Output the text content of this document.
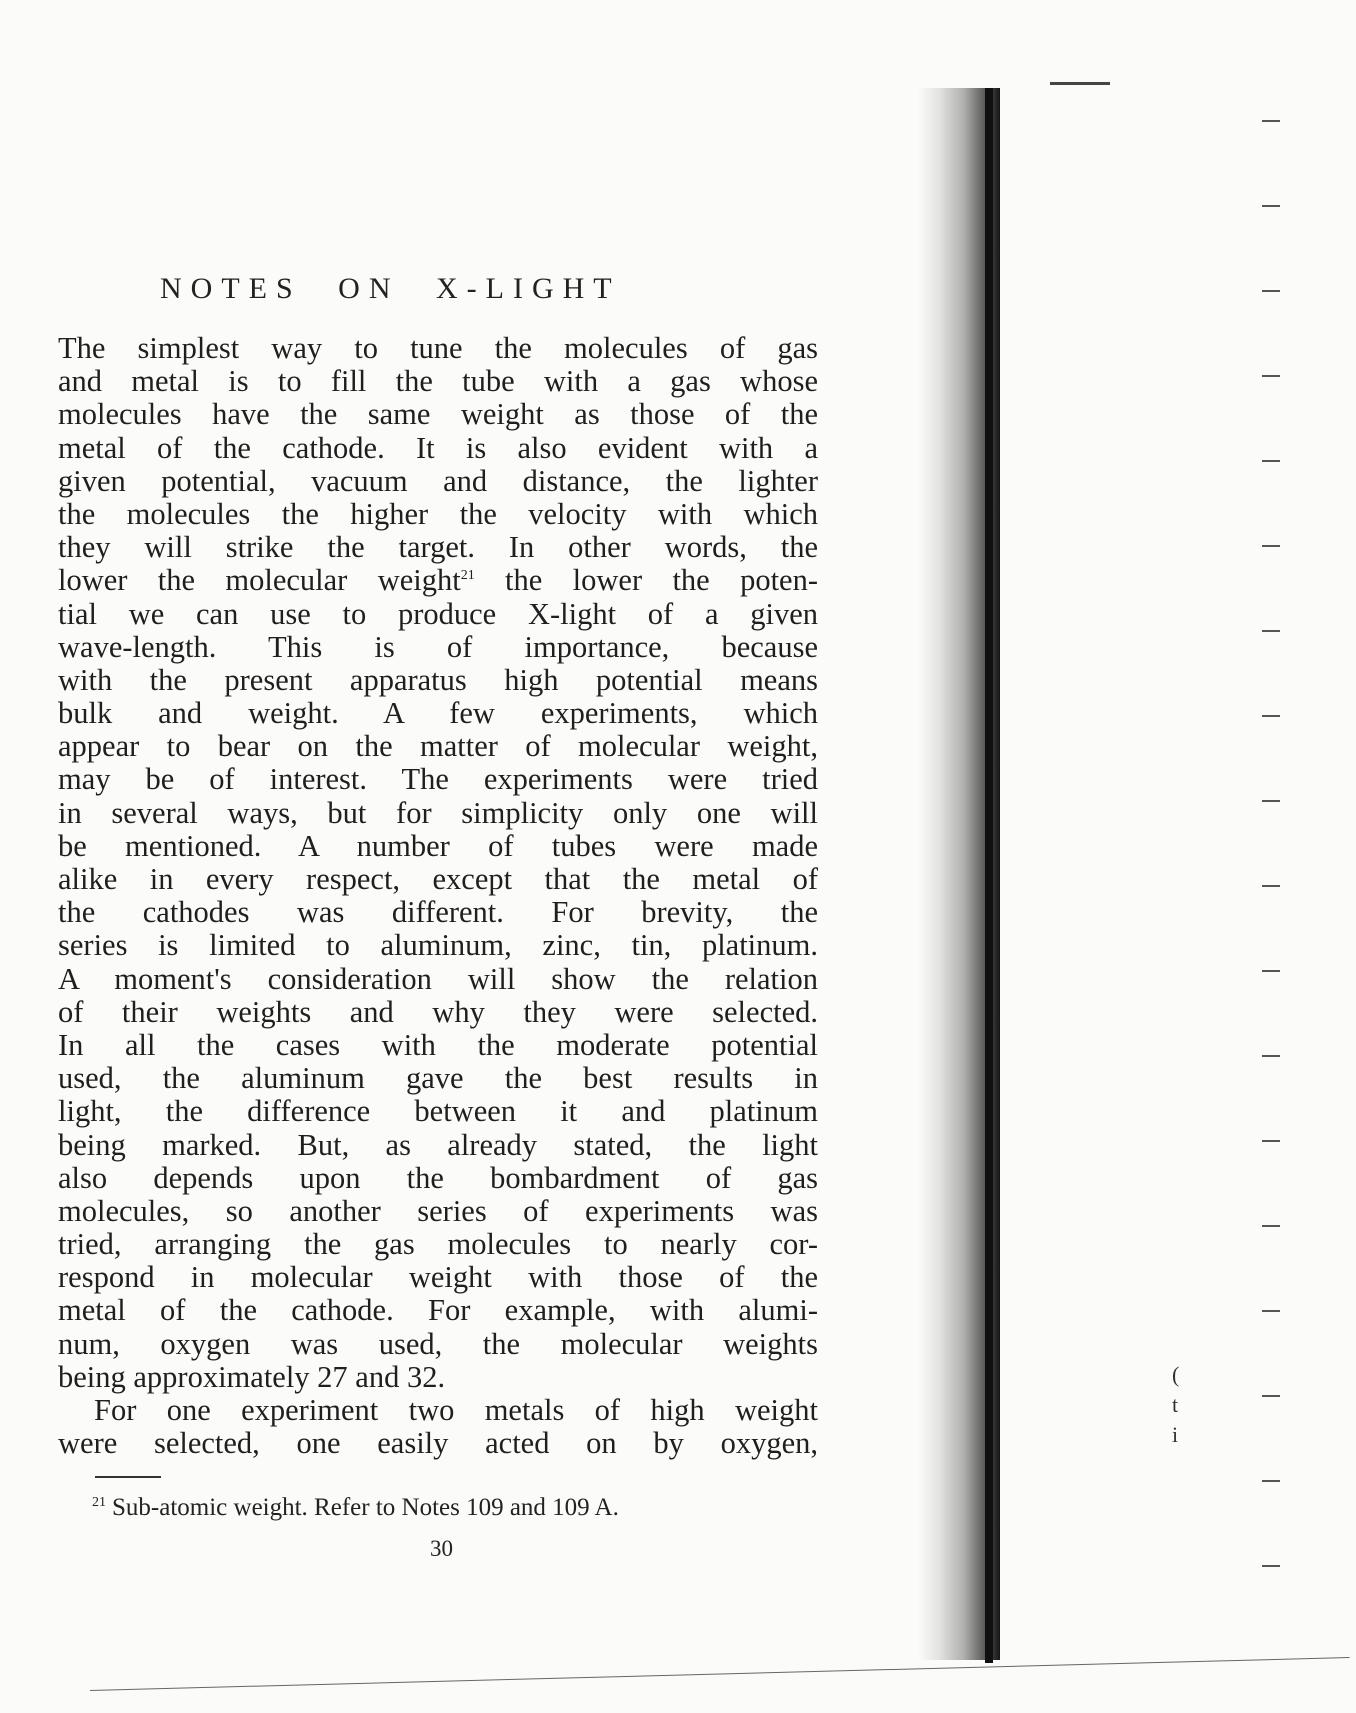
NOTES ON X-LIGHT
The simplest way to tune the molecules of gas
and metal is to fill the tube with a gas whose
molecules have the same weight as those of the
metal of the cathode. It is also evident with a
given potential, vacuum and distance, the lighter
the molecules the higher the velocity with which
they will strike the target. In other words, the
lower the molecular weight$^{21}$ the lower the poten-
tial we can use to produce X-light of a given
wave-length. This is of importance, because
with the present apparatus high potential means
bulk and weight. A few experiments, which
appear to bear on the matter of molecular weight,
may be of interest. The experiments were tried
in several ways, but for simplicity only one will
be mentioned. A number of tubes were made
alike in every respect, except that the metal of
the cathodes was different. For brevity, the
series is limited to aluminum, zinc, tin, platinum.
A moment's consideration will show the relation
of their weights and why they were selected.
In all the cases with the moderate potential
used, the aluminum gave the best results in
light, the difference between it and platinum
being marked. But, as already stated, the light
also depends upon the bombardment of gas
molecules, so another series of experiments was
tried, arranging the gas molecules to nearly cor-
respond in molecular weight with those of the
metal of the cathode. For example, with alumi-
num, oxygen was used, the molecular weights
being approximately 27 and 32.
For one experiment two metals of high weight
were selected, one easily acted on by oxygen,
$^{21}$ Sub-atomic weight. Refer to Notes 109 and 109 A.
30
(
t
i
